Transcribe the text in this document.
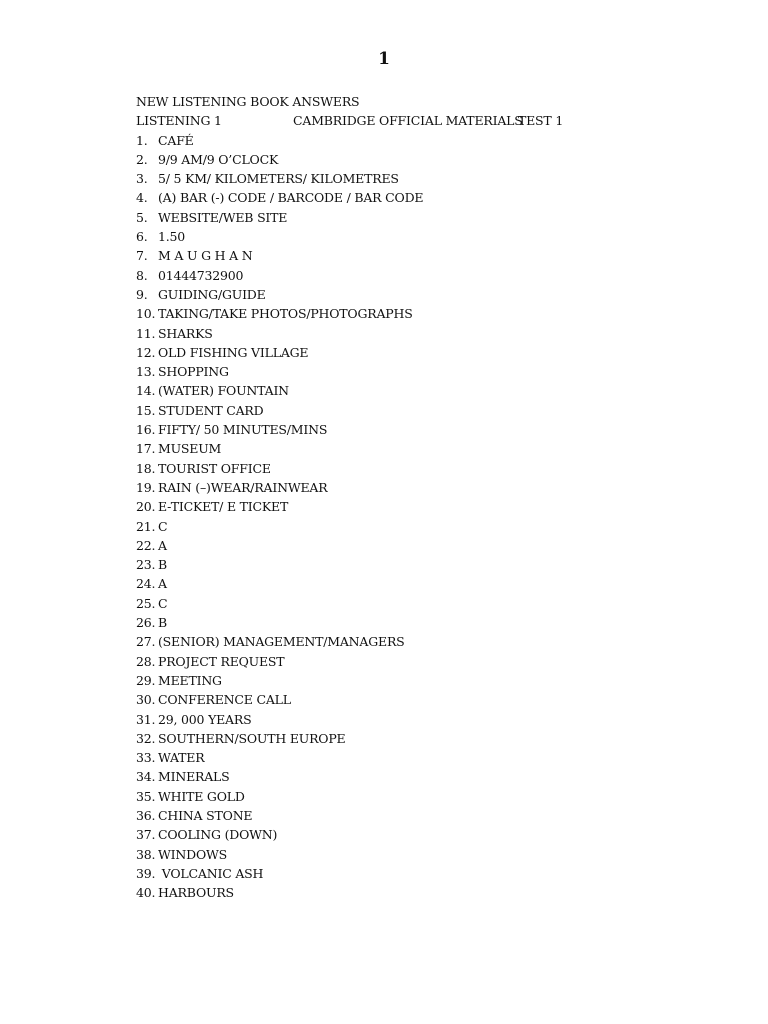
1
NEW LISTENING BOOK ANSWERS
LISTENING 1	CAMBRIDGE OFFICIAL MATERIALS
TEST 1
1. CAFÉ
2. 9/9 AM/9 O’CLOCK
3. 5/ 5 KM/ KILOMETERS/ KILOMETRES
4. (A) BAR (-) CODE / BARCODE / BAR CODE
5. WEBSITE/WEB SITE
6. 1.50
7. M A U G H A N
8. 01444732900
9. GUIDING/GUIDE
10. TAKING/TAKE PHOTOS/PHOTOGRAPHS
11. SHARKS
12. OLD FISHING VILLAGE
13. SHOPPING
14. (WATER) FOUNTAIN
15. STUDENT CARD
16. FIFTY/ 50 MINUTES/MINS
17. MUSEUM
18. TOURIST OFFICE
19. RAIN (–)WEAR/RAINWEAR
20. E-TICKET/ E TICKET
21. C
22. A
23. B
24. A
25. C
26. B
27. (SENIOR) MANAGEMENT/MANAGERS
28. PROJECT REQUEST
29. MEETING
30. CONFERENCE CALL
31. 29, 000 YEARS
32. SOUTHERN/SOUTH EUROPE
33. WATER
34. MINERALS
35. WHITE GOLD
36. CHINA STONE
37. COOLING (DOWN)
38. WINDOWS
39. VOLCANIC ASH
40. HARBOURS
